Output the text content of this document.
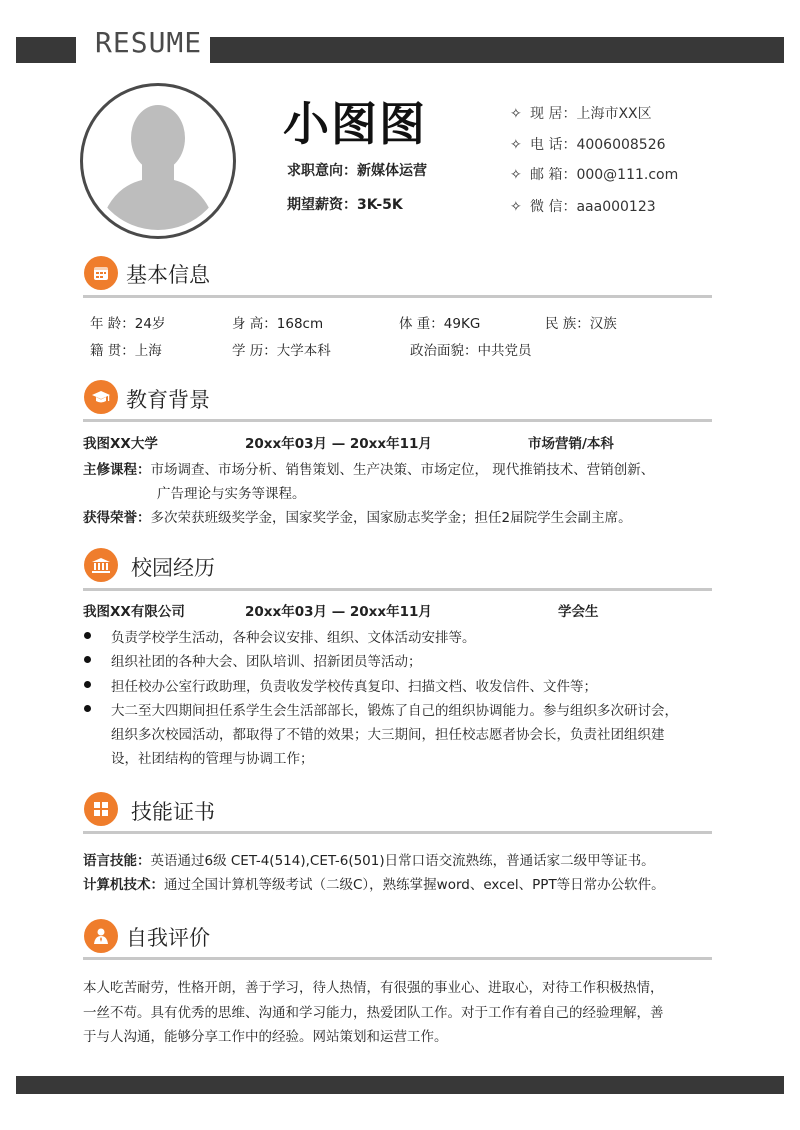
RESUME
小图图
求职意向：新媒体运营
期望薪资：3K-5K
✧ 现 居：上海市XX区
✧ 电 话：4006008526
✧ 邮 箱：000@111.com
✧ 微 信：aaa000123
基本信息
年 龄：24岁	身 高：168cm	体 重：49KG	民 族：汉族
籍 贯：上海	学 历：大学本科	政治面貌：中共党员
教育背景
我图XX大学	20xx年03月 — 20xx年11月	市场营销/本科
主修课程：市场调查、市场分析、销售策划、生产决策、市场定位， 现代推销技术、营销创新、
广告理论与实务等课程。
获得荣誉：多次荣获班级奖学金，国家奖学金，国家励志奖学金；担任2届院学生会副主席。
校园经历
我图XX有限公司	20xx年03月 — 20xx年11月	学会生
负责学校学生活动，各种会议安排、组织、文体活动安排等。
组织社团的各种大会、团队培训、招新团员等活动；
担任校办公室行政助理，负责收发学校传真复印、扫描文档、收发信件、文件等；
大二至大四期间担任系学生会生活部部长，锻炼了自己的组织协调能力。参与组织多次研讨会，
组织多次校园活动，都取得了不错的效果；大三期间，担任校志愿者协会长，负责社团组织建
设，社团结构的管理与协调工作；
技能证书
语言技能：英语通过6级 CET-4(514),CET-6(501)日常口语交流熟练，普通话家二级甲等证书。
计算机技术：通过全国计算机等级考试（二级C），熟练掌握word、excel、PPT等日常办公软件。
自我评价
本人吃苦耐劳，性格开朗，善于学习，待人热情，有很强的事业心、进取心，对待工作积极热情，
一丝不苟。具有优秀的思维、沟通和学习能力，热爱团队工作。对于工作有着自己的经验理解，善
于与人沟通，能够分享工作中的经验。网站策划和运营工作。
